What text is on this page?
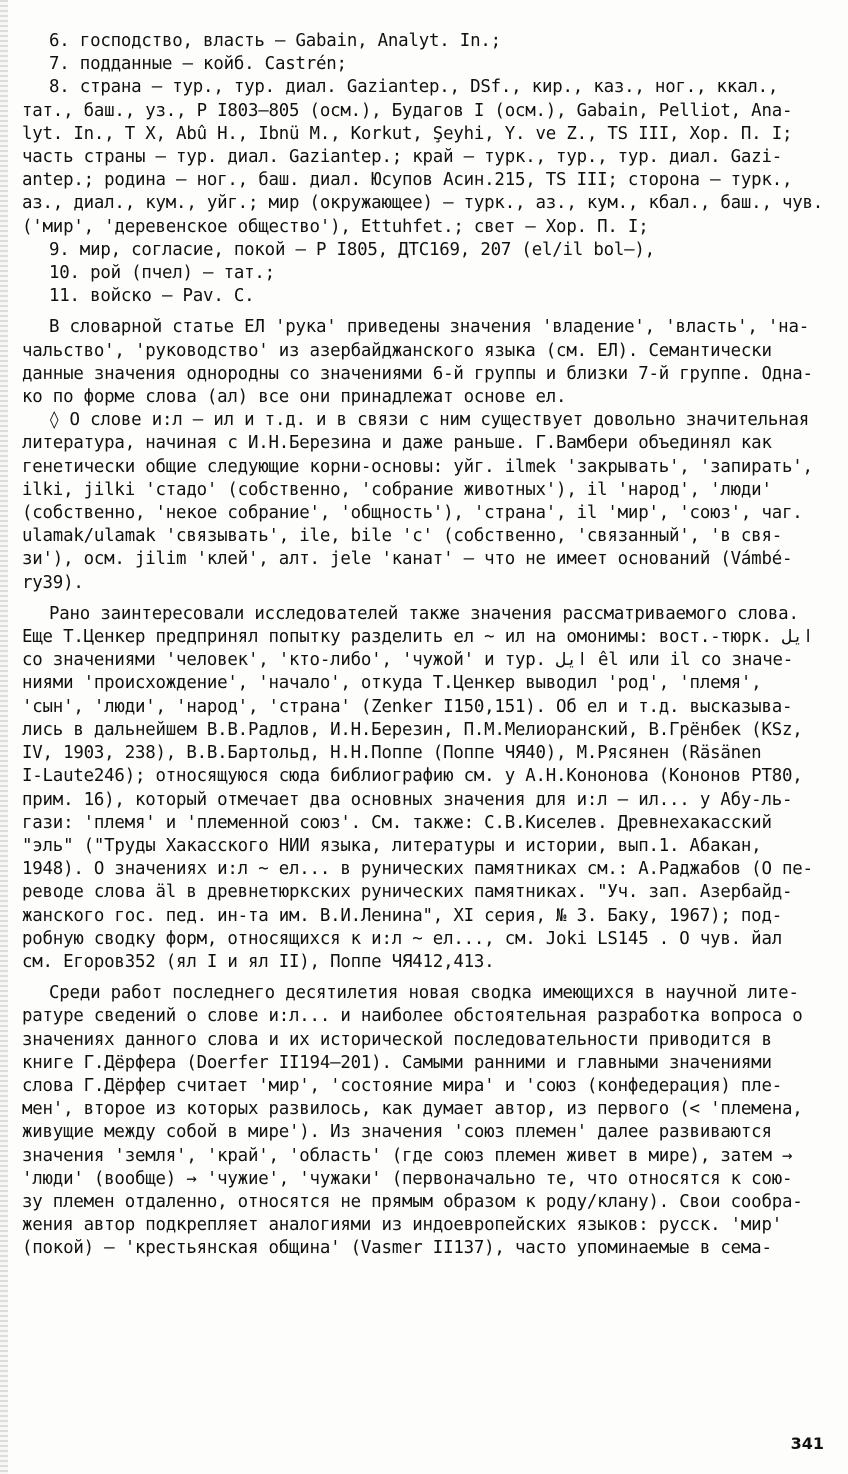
6. господство, власть – Gabain, Analyt. In.;
7. подданные – койб. Castrén;
8. страна – тур., тур. диал. Gaziantep., DSf., кир., каз., ног., ккал.,
тат., баш., уз., Р I803–805 (осм.), Будагов I (осм.), Gabain, Pelliot, Ana-
lyt. In., Т Х, Abû H., Ibnü M., Korkut, Şeyhi, Y. ve Z., TS III, Хор. П. I;
часть страны – тур. диал. Gaziantep.; край – турк., тур., тур. диал. Gazi-
antep.; родина – ног., баш. диал. Юсупов Асин.215, TS III; сторона – турк.,
аз., диал., кум., уйг.; мир (окружающее) – турк., аз., кум., кбал., баш., чув.
('мир', 'деревенское общество'), Ettuhfet.; свет – Хор. П. I;
9. мир, согласие, покой – Р I805, ДТС169, 207 (el/il bol–),
10. рой (пчел) – тат.;
11. войско – Рav. С.
В словарной статье ЕЛ 'рука' приведены значения 'владение', 'власть', 'на-
чальство', 'руководство' из азербайджанского языка (см. ЕЛ). Семантически
данные значения однородны со значениями 6-й группы и близки 7-й группе. Одна-
ко по форме слова (ал) все они принадлежат основе ел.
◊ О слове и:л – ил и т.д. и в связи с ним существует довольно значительная
литература, начиная с И.Н.Березина и даже раньше. Г.Вамбери объединял как
генетически общие следующие корни-основы: уйг. ilmek 'закрывать', 'запирать',
ilki, jilki 'стадо' (собственно, 'собрание животных'), il 'народ', 'люди'
(собственно, 'некое собрание', 'общность'), 'страна', il 'мир', 'союз', чаг.
ulamak/ulamak 'связывать', ile, bile 'с' (собственно, 'связанный', 'в свя-
зи'), осм. jilim 'клей', алт. jele 'канат' – что не имеет оснований (Vámbé-
ry39).
Рано заинтересовали исследователей также значения рассматриваемого слова.
Еще Т.Ценкер предпринял попытку разделить ел ~ ил на омонимы: вост.-тюрк. ايل
со значениями 'человек', 'кто-либо', 'чужой' и тур. ايل êl или il со значе-
ниями 'происхождение', 'начало', откуда Т.Ценкер выводил 'род', 'племя',
'сын', 'люди', 'народ', 'страна' (Zenker I150,151). Об ел и т.д. высказыва-
лись в дальнейшем В.В.Радлов, И.Н.Березин, П.М.Мелиоранский, В.Грёнбек (KSz,
IV, 1903, 238), В.В.Бартольд, Н.Н.Поппе (Поппе ЧЯ40), М.Рясянен (Räsänen
I-Laute246); относящуюся сюда библиографию см. у А.Н.Кононова (Кононов РТ80,
прим. 16), который отмечает два основных значения для и:л – ил... у Абу-ль-
гази: 'племя' и 'племенной союз'. См. также: С.В.Киселев. Древнехакасский
"эль" ("Труды Хакасского НИИ языка, литературы и истории, вып.1. Абакан,
1948). О значениях и:л ~ ел... в рунических памятниках см.: А.Раджабов (О пе-
реводе слова äl в древнетюркских рунических памятниках. "Уч. зап. Азербайд-
жанского гос. пед. ин-та им. В.И.Ленина", XI серия, № 3. Баку, 1967); под-
робную сводку форм, относящихся к и:л ~ ел..., см. Joki LS145 . О чув. йал
см. Егоров352 (ял I и ял II), Поппе ЧЯ412,413.
Среди работ последнего десятилетия новая сводка имеющихся в научной лите-
ратуре сведений о слове и:л... и наиболее обстоятельная разработка вопроса о
значениях данного слова и их исторической последовательности приводится в
книге Г.Дёрфера (Doerfer II194–201). Самыми ранними и главными значениями
слова Г.Дёрфер считает 'мир', 'состояние мира' и 'союз (конфедерация) пле-
мен', второе из которых развилось, как думает автор, из первого (< 'племена,
живущие между собой в мире'). Из значения 'союз племен' далее развиваются
значения 'земля', 'край', 'область' (где союз племен живет в мире), затем →
'люди' (вообще) → 'чужие', 'чужаки' (первоначально те, что относятся к сою-
зу племен отдаленно, относятся не прямым образом к роду/клану). Свои сообра-
жения автор подкрепляет аналогиями из индоевропейских языков: русск. 'мир'
(покой) – 'крестьянская община' (Vasmer II137), часто упоминаемые в сема-
341
